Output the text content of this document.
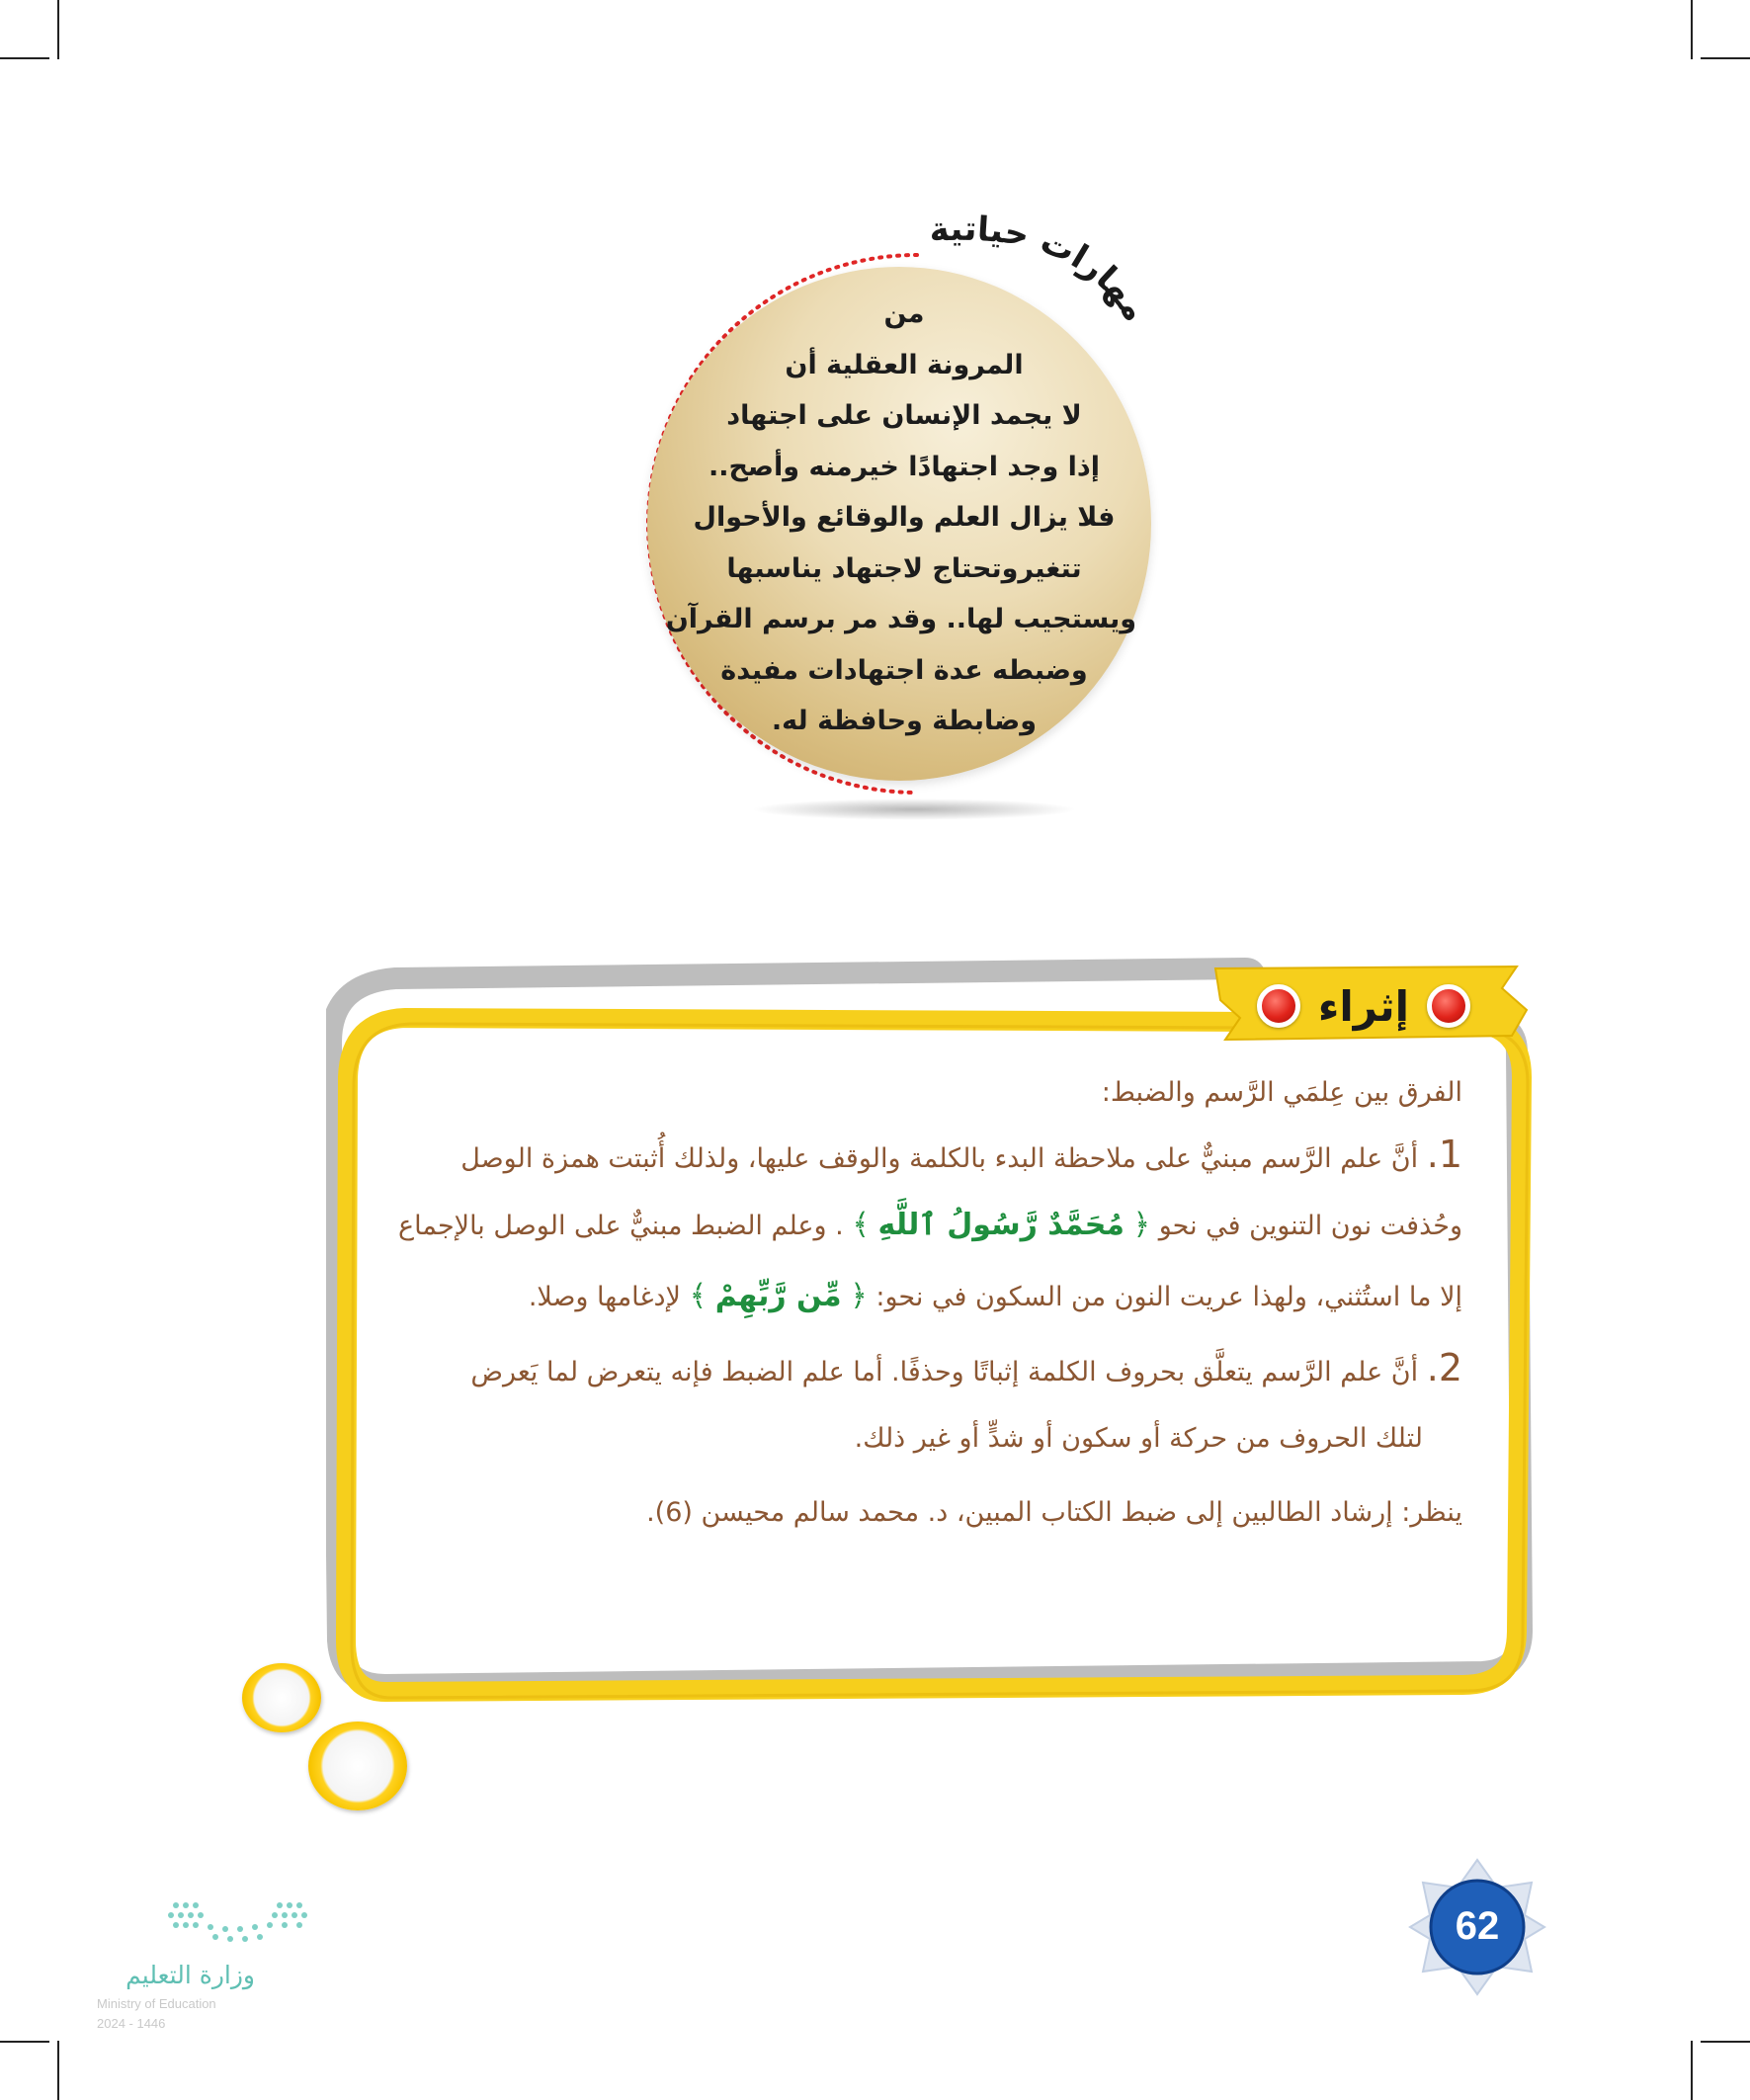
مهارات حياتية
من
المرونة العقلية أن
لا يجمد الإنسان على اجتهاد
إذا وجد اجتهادًا خيرمنه وأصح..
فلا يزال العلم والوقائع والأحوال
تتغيروتحتاج لاجتهاد يناسبها
ويستجيب لها.. وقد مر برسم القرآن
وضبطه عدة اجتهادات مفيدة
وضابطة وحافظة له.
إثراء
الفرق بين عِلمَي الرَّسم والضبط:
1. أنَّ علم الرَّسم مبنيٌّ على ملاحظة البدء بالكلمة والوقف عليها، ولذلك أُثبتت همزة الوصل
وحُذفت نون التنوين في نحو ﴿ مُحَمَّدٌ رَّسُولُ ٱللَّهِ ﴾ . وعلم الضبط مبنيٌّ على الوصل بالإجماع
إلا ما استُثني، ولهذا عريت النون من السكون في نحو: ﴿ مِّن رَّبِّهِمْ ﴾ لإدغامها وصلا.
2. أنَّ علم الرَّسم يتعلَّق بحروف الكلمة إثباتًا وحذفًا. أما علم الضبط فإنه يتعرض لما يَعرض
لتلك الحروف من حركة أو سكون أو شدٍّ أو غير ذلك.
ينظر: إرشاد الطالبين إلى ضبط الكتاب المبين، د. محمد سالم محيسن (6).
62
وزارة التعليم
Ministry of Education
2024 - 1446
